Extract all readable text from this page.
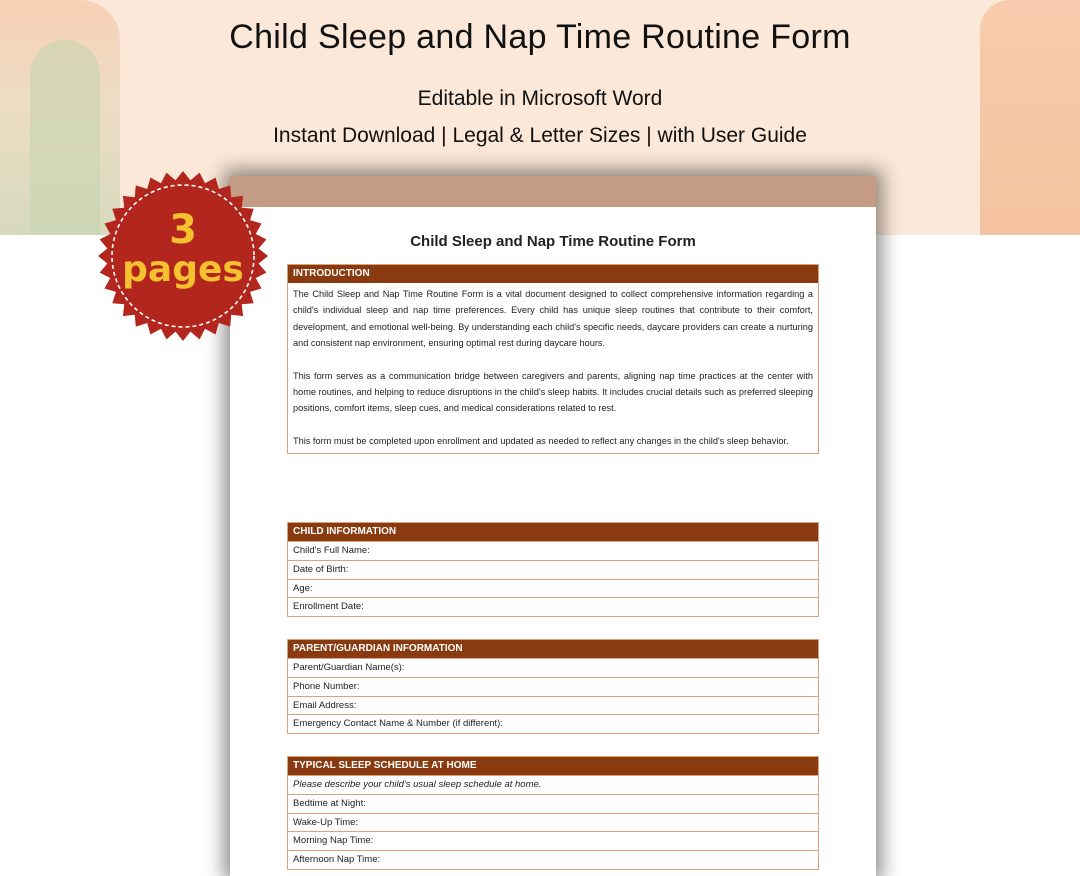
Child Sleep and Nap Time Routine Form
Editable in Microsoft Word
Instant Download | Legal & Letter Sizes | with User Guide
Child Sleep and Nap Time Routine Form
INTRODUCTION

The Child Sleep and Nap Time Routine Form is a vital document designed to collect comprehensive information regarding a child's individual sleep and nap time preferences. Every child has unique sleep routines that contribute to their comfort, development, and emotional well-being. By understanding each child's specific needs, daycare providers can create a nurturing and consistent nap environment, ensuring optimal rest during daycare hours.

This form serves as a communication bridge between caregivers and parents, aligning nap time practices at the center with home routines, and helping to reduce disruptions in the child's sleep habits. It includes crucial details such as preferred sleeping positions, comfort items, sleep cues, and medical considerations related to rest.

This form must be completed upon enrollment and updated as needed to reflect any changes in the child's sleep behavior.

CHILD INFORMATION
Child's Full Name:
Date of Birth:
Age:
Enrollment Date:
PARENT/GUARDIAN INFORMATION
Parent/Guardian Name(s):
Phone Number:
Email Address:
Emergency Contact Name & Number (if different):
TYPICAL SLEEP SCHEDULE AT HOME
Please describe your child's usual sleep schedule at home.
Bedtime at Night:
Wake-Up Time:
Morning Nap Time:
Afternoon Nap Time:
3
pages
